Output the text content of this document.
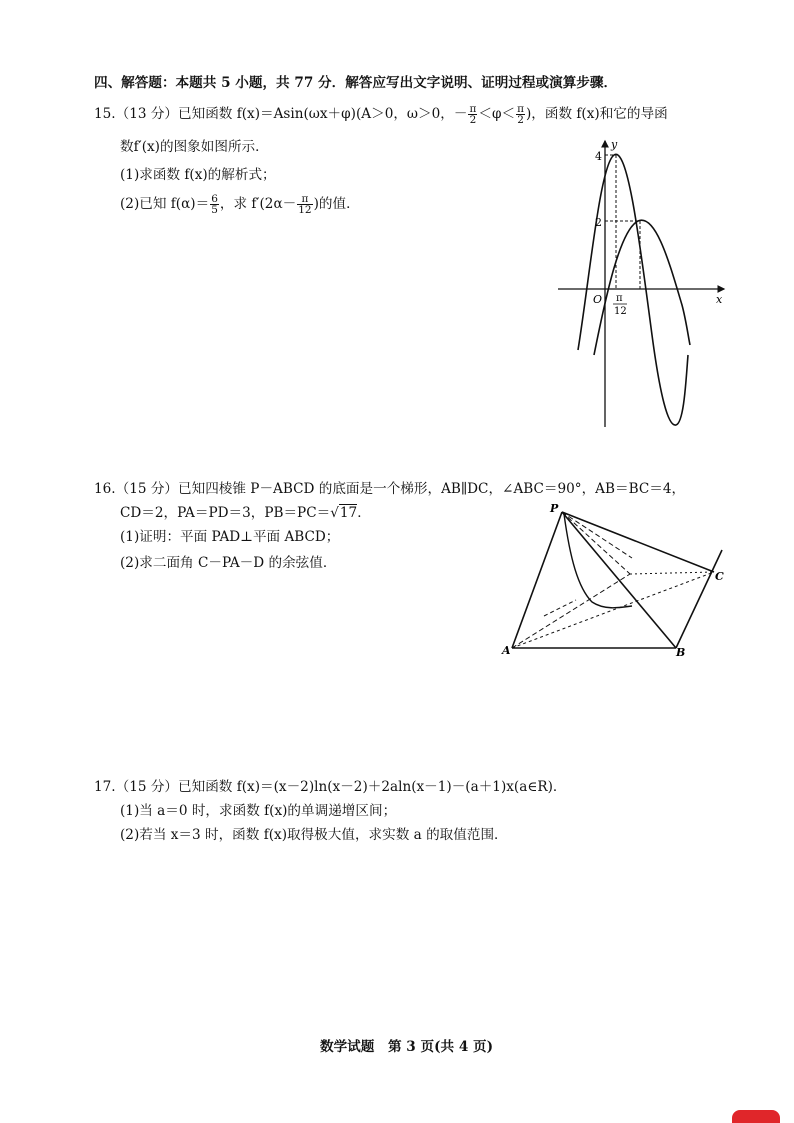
四、解答题：本题共 5 小题，共 77 分．解答应写出文字说明、证明过程或演算步骤．
15.（13 分）已知函数 f(x)＝Asin(ωx＋φ)(A＞0，ω＞0，－ $\frac{\pi}{2} <\varphi< \frac{\pi}{2}$ )，函数 f(x)和它的导函
数f′(x)的图象如图所示．
(1)求函数 f(x)的解析式；
(2)已知 $f(\alpha)= \frac{6}{5}$ ，求 $f'(2\alpha- \frac{\pi}{12}$ )的值．
y
x
O
4
2
π
12
16.（15 分）已知四棱锥 P－ABCD 的底面是一个梯形，AB∥DC，∠ABC＝90°，AB＝BC＝4，
CD＝2，PA＝PD＝3，PB＝PC＝√17．
(1)证明：平面 PAD⊥平面 ABCD；
(2)求二面角 C－PA－D 的余弦值．
P
A	B
C
17.（15 分）已知函数 f(x)＝(x－2)ln(x－2)＋2aln(x－1)－(a＋1)x(a∈R)．
(1)当 a＝0 时，求函数 f(x)的单调递增区间；
(2)若当 x＝3 时，函数 f(x)取得极大值，求实数 a 的取值范围．
数学试题　第 3 页(共 4 页)
